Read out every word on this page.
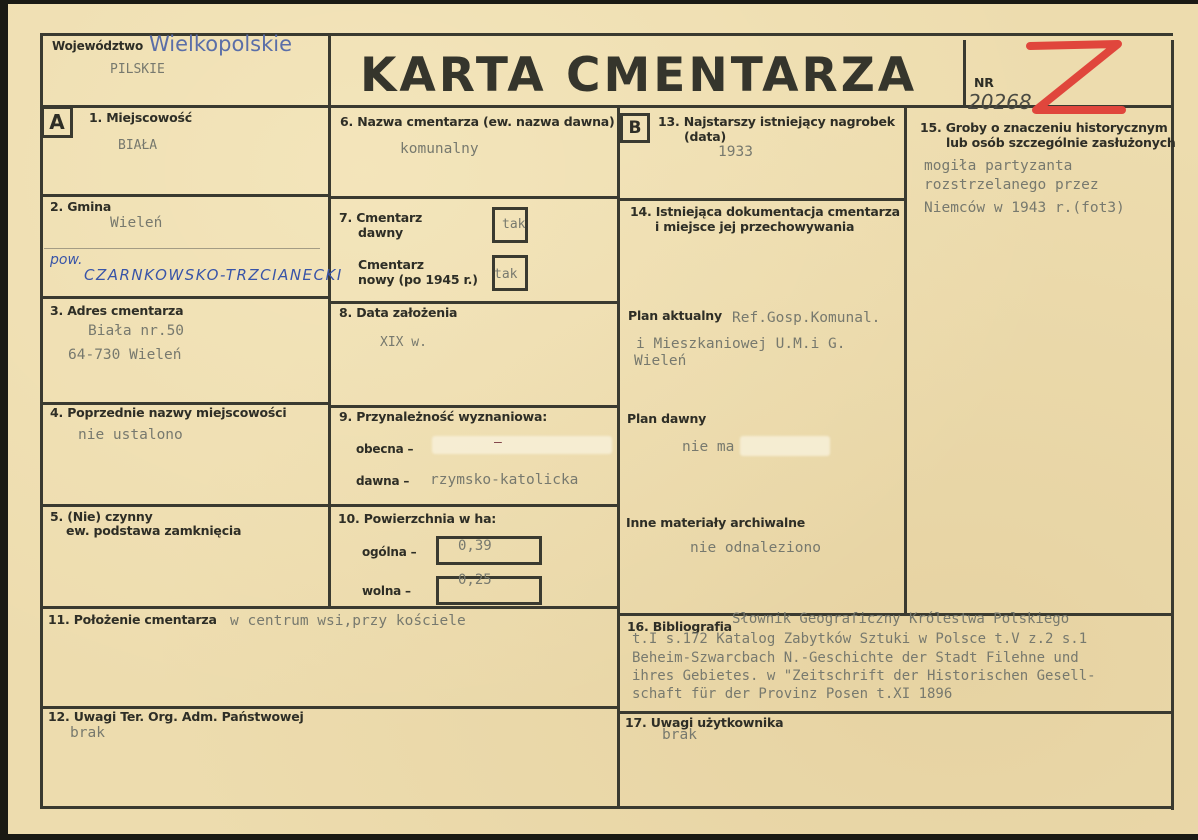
Województwo Wielkopolskie
PILSKIE	KARTA CMENTARZA	NR
20268
A	1. Miejscowość
BIAŁA
2. Gmina
Wieleń
pow.
CZARNKOWSKO-TRZCIANECKI
3. Adres cmentarza
Biała nr.50
64-730 Wieleń
4. Poprzednie nazwy miejscowości
nie ustalono
5. (Nie) czynny
ew. podstawa zamknięcia
6. Nazwa cmentarza (ew. nazwa dawna)
komunalny
7. Cmentarz
dawny
tak
Cmentarz
nowy (po 1945 r.) tak
8. Data założenia
XIX w.
9. Przynależność wyznaniowa:
obecna –	—
dawna – rzymsko-katolicka
10. Powierzchnia w ha:
ogólna –	0,39
wolna –
0,25
B	13. Najstarszy istniejący nagrobek
(data)
1933
14. Istniejąca dokumentacja cmentarza
i miejsce jej przechowywania
Plan aktualny Ref.Gosp.Komunal.
i Mieszkaniowej U.M.i G.
Wieleń
Plan dawny
nie ma
Inne materiały archiwalne
nie odnaleziono
15. Groby o znaczeniu historycznym
lub osób szczególnie zasłużonych
mogiła partyzanta
rozstrzelanego przez
Niemców w 1943 r.(fot3)
11. Położenie cmentarza w centrum wsi,przy kościele
12. Uwagi Ter. Org. Adm. Państwowej
brak
16. Bibliografia Słownik Geograficzny Królestwa Polskiego
t.I s.172 Katalog Zabytków Sztuki w Polsce t.V z.2 s.1
Beheim-Szwarcbach N.-Geschichte der Stadt Filehne und
ihres Gebietes. w "Zeitschrift der Historischen Gesell-
schaft für der Provinz Posen t.XI 1896
17. Uwagi użytkownika
brak
